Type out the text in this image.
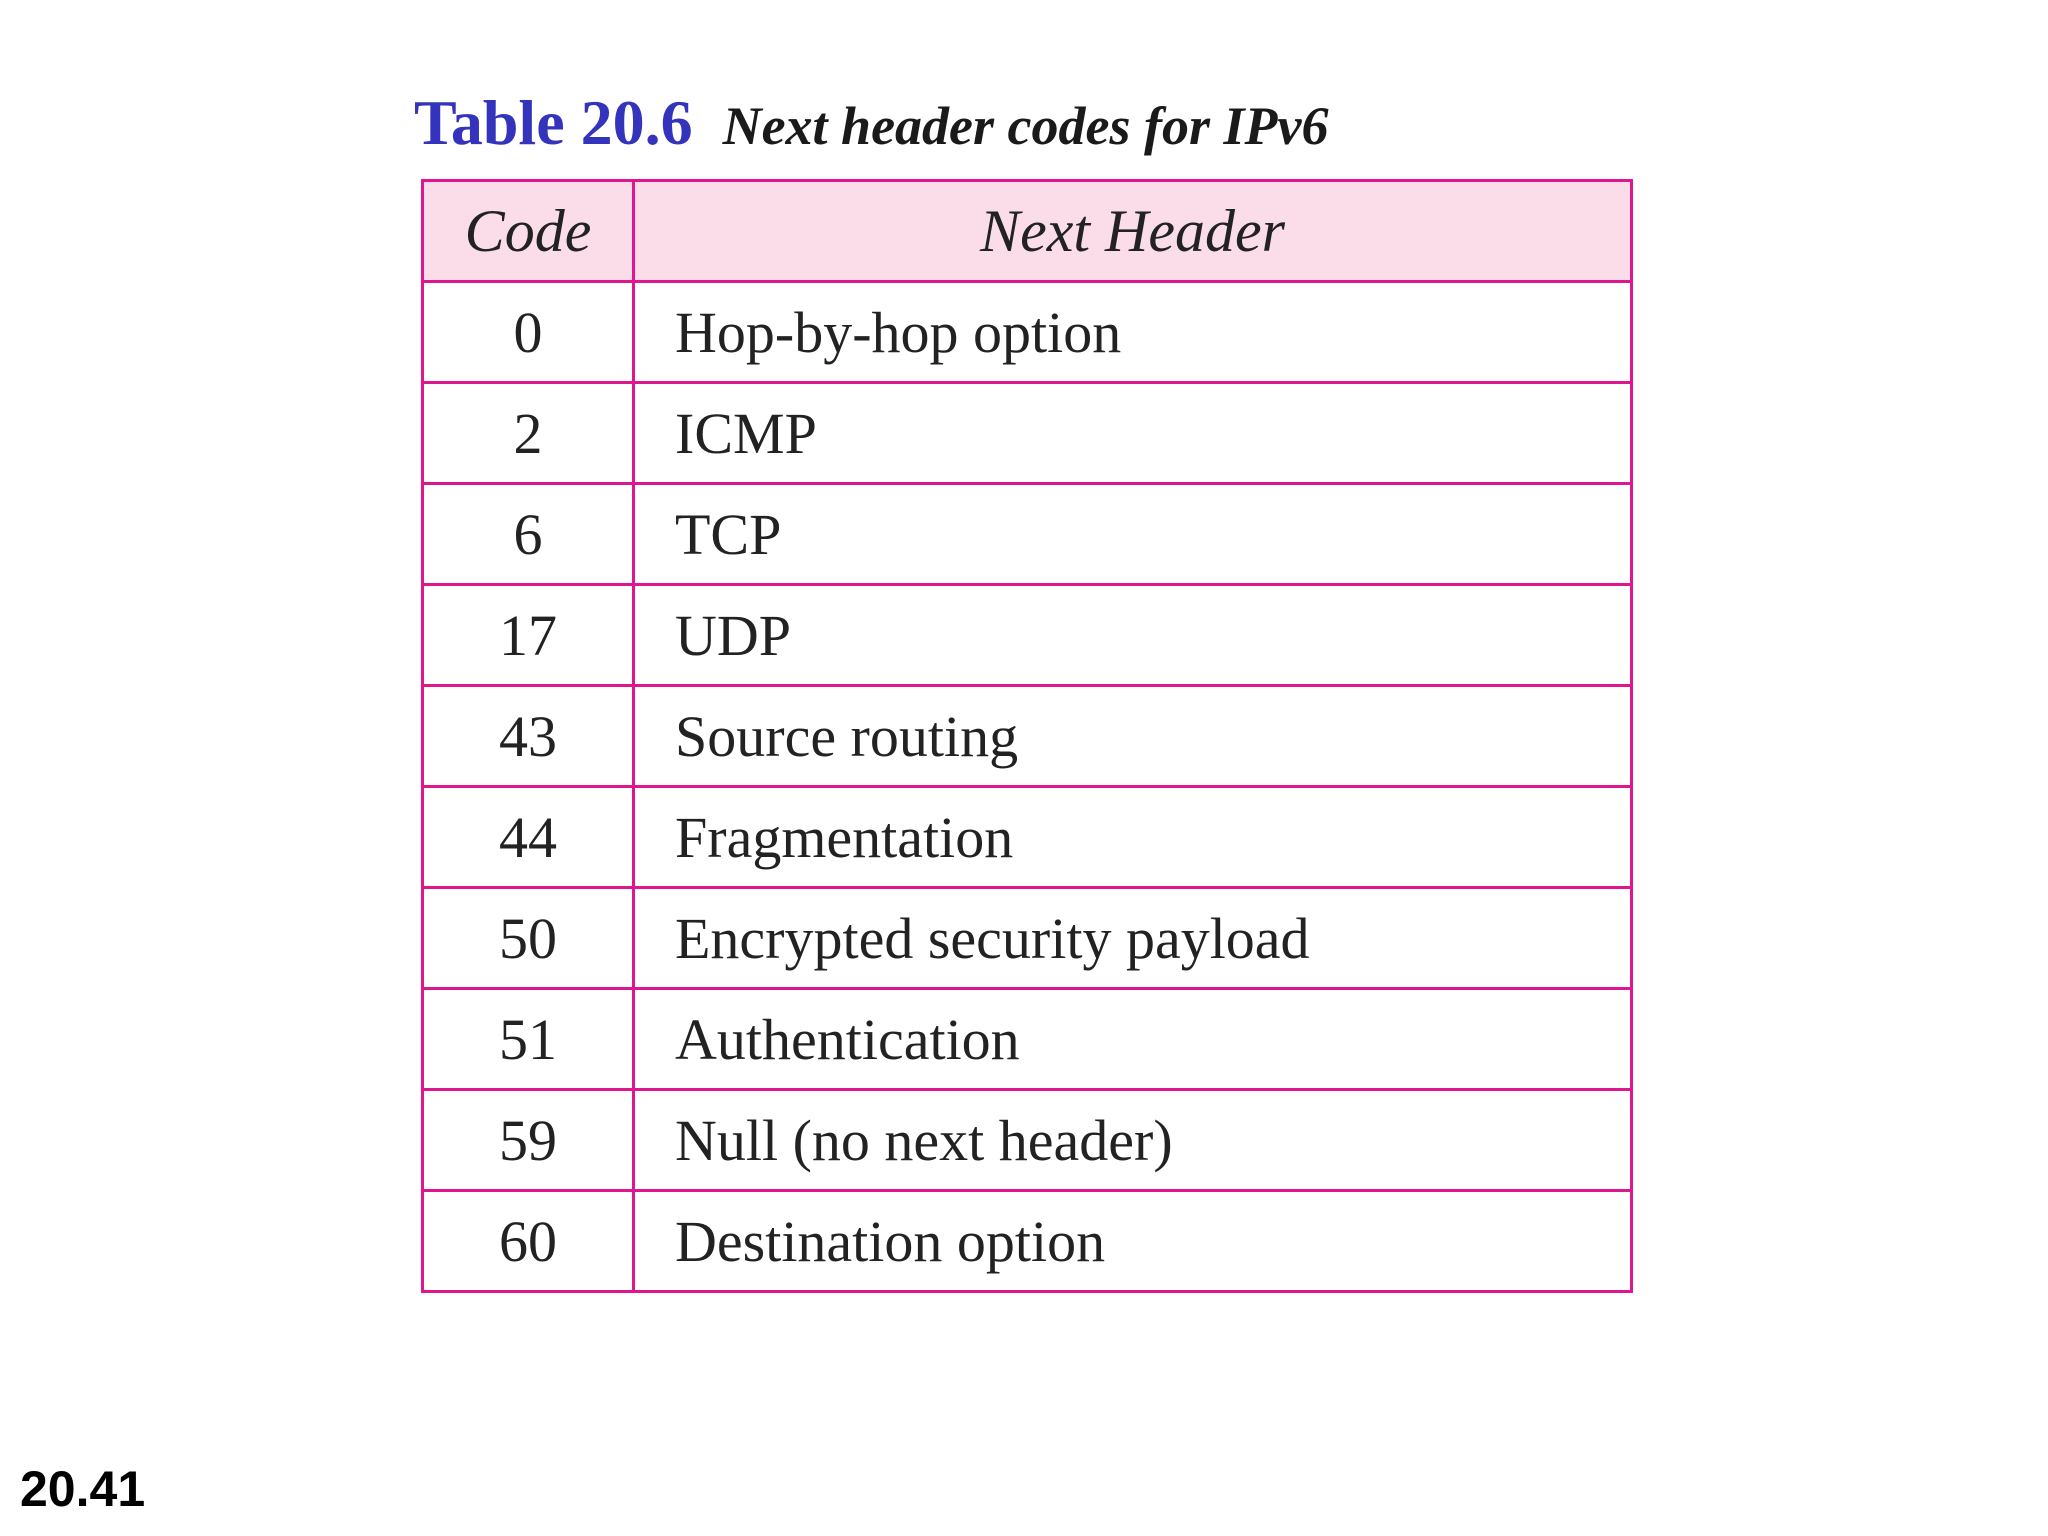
Table 20.6 Next header codes for IPv6
Code	Next Header
0	Hop-by-hop option
2	ICMP
6	TCP
17	UDP
43	Source routing
44	Fragmentation
50	Encrypted security payload
51	Authentication
59	Null (no next header)
60	Destination option
20.41
